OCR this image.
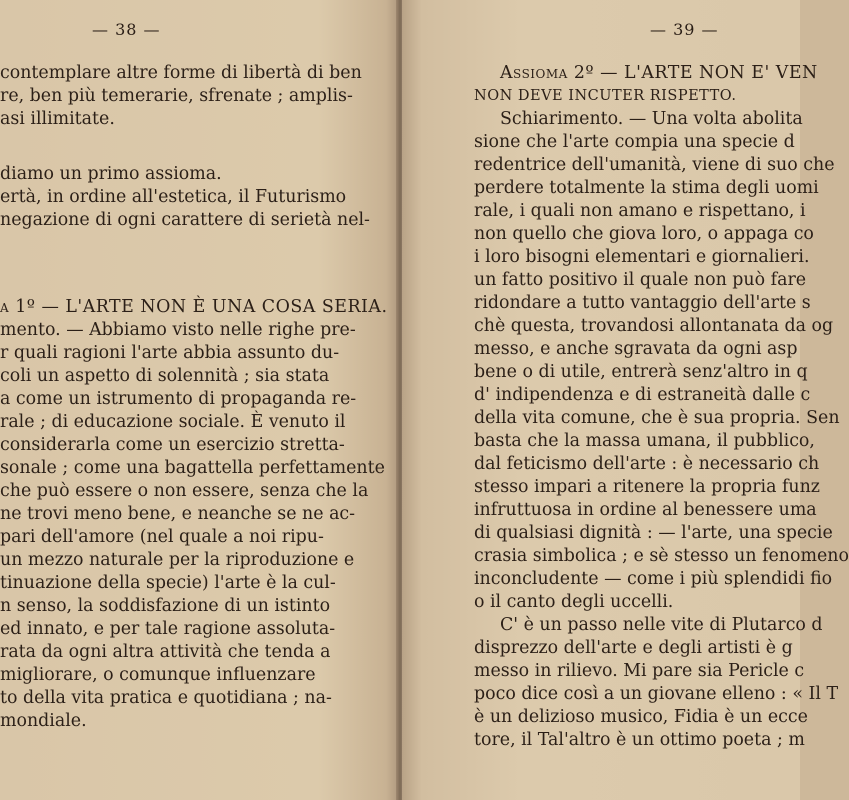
— 38 —
contemplare altre forme di libertà di ben
re, ben più temerarie, sfrenate ; amplis-
asi illimitate.
diamo un primo assioma.
ertà, in ordine all'estetica, il Futurismo
negazione di ogni carattere di serietà nel-
a 1º — L'ARTE NON È UNA COSA SERIA.
mento. — Abbiamo visto nelle righe pre-
r quali ragioni l'arte abbia assunto du-
coli un aspetto di solennità ; sia stata
a come un istrumento di propaganda re-
rale ; di educazione sociale. È venuto il
considerarla come un esercizio stretta-
sonale ; come una bagattella perfettamente
che può essere o non essere, senza che la
ne trovi meno bene, e neanche se ne ac-
pari dell'amore (nel quale a noi ripu-
un mezzo naturale per la riproduzione e
tinuazione della specie) l'arte è la cul-
n senso, la soddisfazione di un istinto
ed innato, e per tale ragione assoluta-
rata da ogni altra attività che tenda a
migliorare, o comunque influenzare
to della vita pratica e quotidiana ; na-
mondiale.
— 39 —
Assioma 2º — L'ARTE NON E' VEN
NON DEVE INCUTER RISPETTO.
Schiarimento. — Una volta abolita
sione che l'arte compia una specie d
redentrice dell'umanità, viene di suo che
perdere totalmente la stima degli uomi
rale, i quali non amano e rispettano, i
non quello che giova loro, o appaga co
i loro bisogni elementari e giornalieri.
un fatto positivo il quale non può fare
ridondare a tutto vantaggio dell'arte s
chè questa, trovandosi allontanata da og
messo, e anche sgravata da ogni asp
bene o di utile, entrerà senz'altro in q
d' indipendenza e di estraneità dalle c
della vita comune, che è sua propria. Sen
basta che la massa umana, il pubblico,
dal feticismo dell'arte : è necessario ch
stesso impari a ritenere la propria funz
infruttuosa in ordine al benessere uma
di qualsiasi dignità : — l'arte, una specie
crasia simbolica ; e sè stesso un fenomeno
inconcludente — come i più splendidi fio
o il canto degli uccelli.
C' è un passo nelle vite di Plutarco d
disprezzo dell'arte e degli artisti è g
messo in rilievo. Mi pare sia Pericle c
poco dice così a un giovane elleno : « Il T
è un delizioso musico, Fidia è un ecce
tore, il Tal'altro è un ottimo poeta ; m
